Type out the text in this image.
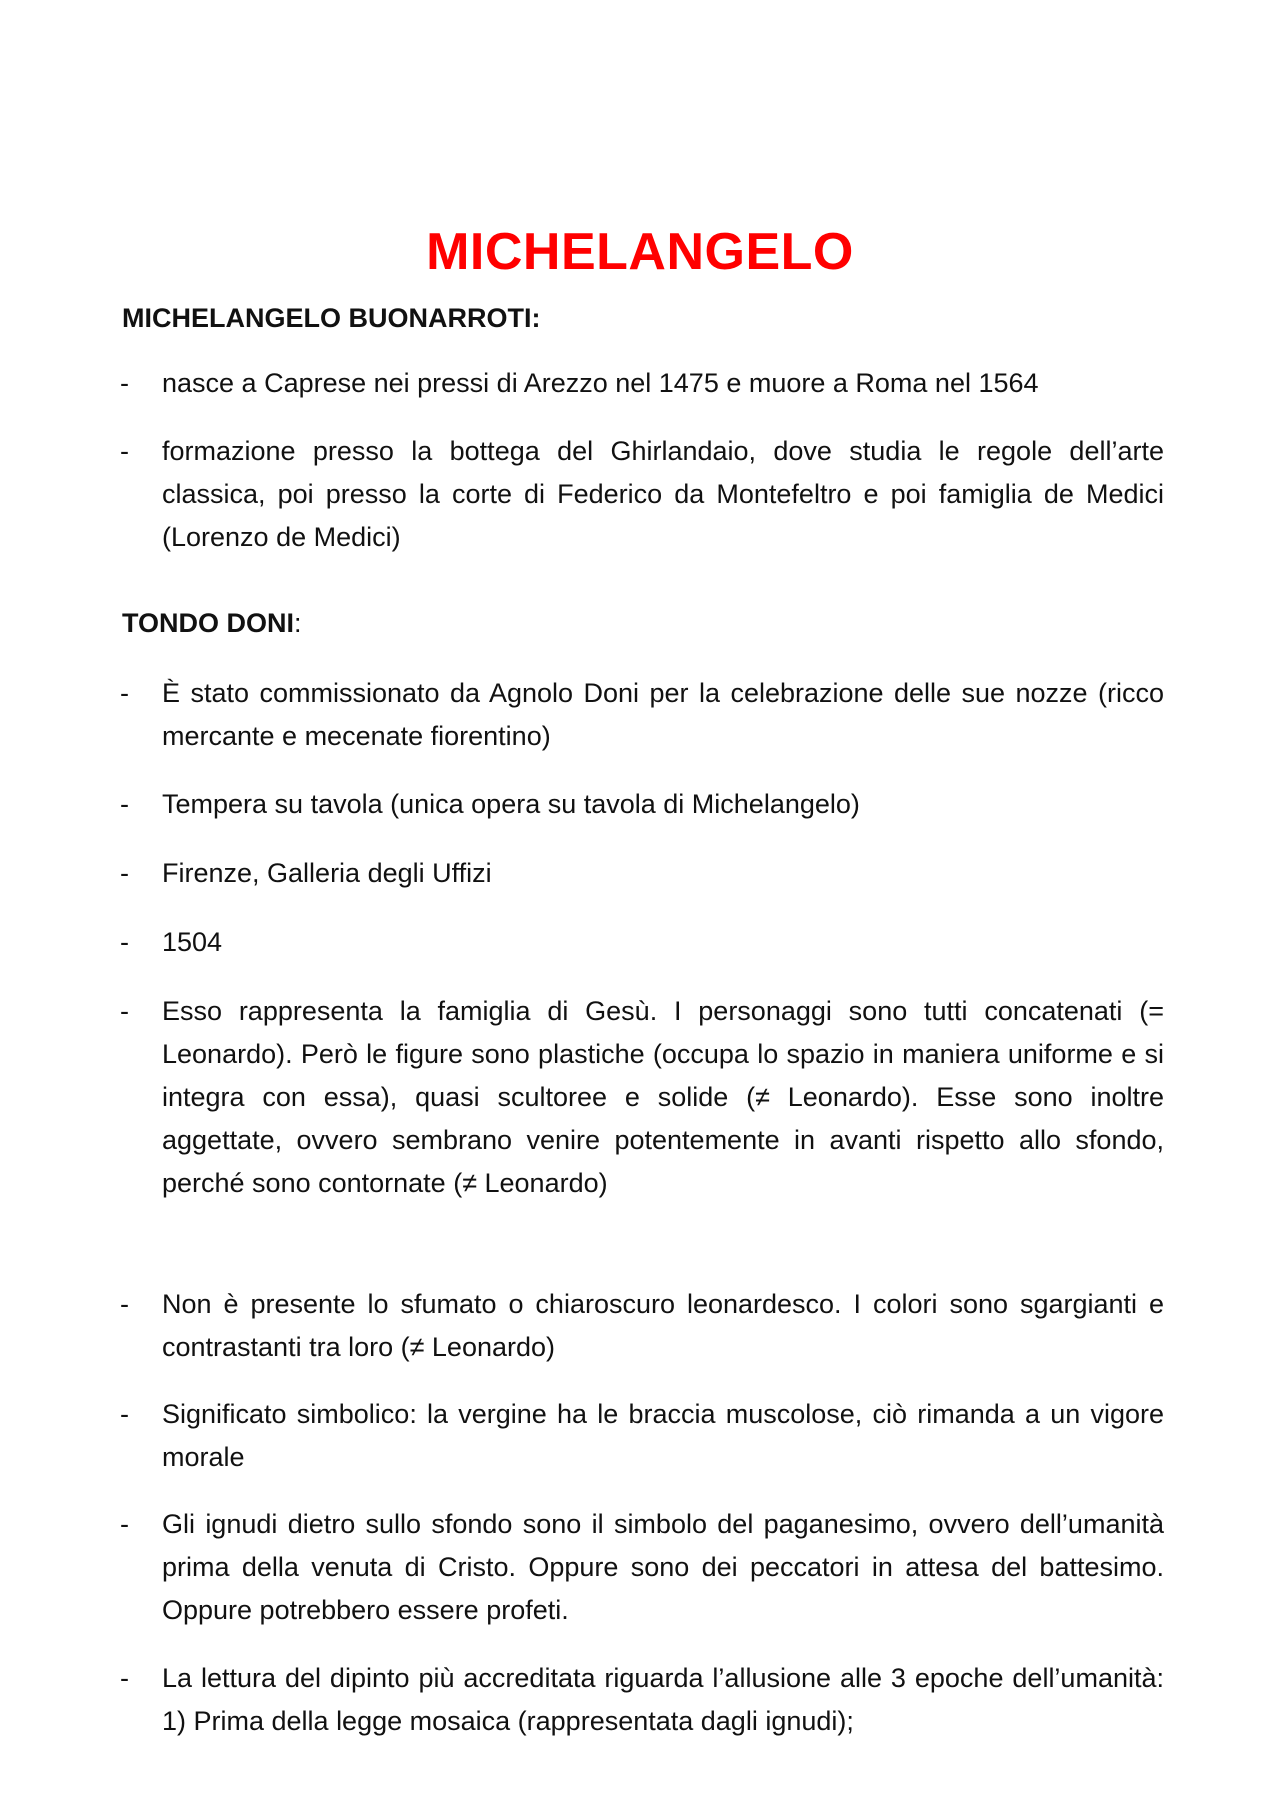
MICHELANGELO
MICHELANGELO BUONARROTI:
- nasce a Caprese nei pressi di Arezzo nel 1475 e muore a Roma nel 1564

- formazione presso la bottega del Ghirlandaio, dove studia le regole dell’arte classica, poi presso la corte di Federico da Montefeltro e poi famiglia de Medici (Lorenzo de Medici)

TONDO DONI:
- È stato commissionato da Agnolo Doni per la celebrazione delle sue nozze (ricco mercante e mecenate fiorentino)

- Tempera su tavola (unica opera su tavola di Michelangelo)

- Firenze, Galleria degli Uffizi

- 1504

- Esso rappresenta la famiglia di Gesù. I personaggi sono tutti concatenati (= Leonardo). Però le figure sono plastiche (occupa lo spazio in maniera uniforme e si integra con essa), quasi scultoree e solide (≠ Leonardo). Esse sono inoltre aggettate, ovvero sembrano venire potentemente in avanti rispetto allo sfondo, perché sono contornate (≠ Leonardo)

- Non è presente lo sfumato o chiaroscuro leonardesco. I colori sono sgargianti e contrastanti tra loro (≠ Leonardo)

- Significato simbolico: la vergine ha le braccia muscolose, ciò rimanda a un vigore morale

- Gli ignudi dietro sullo sfondo sono il simbolo del paganesimo, ovvero dell’umanità prima della venuta di Cristo. Oppure sono dei peccatori in attesa del battesimo. Oppure potrebbero essere profeti.

- La lettura del dipinto più accreditata riguarda l’allusione alle 3 epoche dell’umanità: 1) Prima della legge mosaica (rappresentata dagli ignudi);
